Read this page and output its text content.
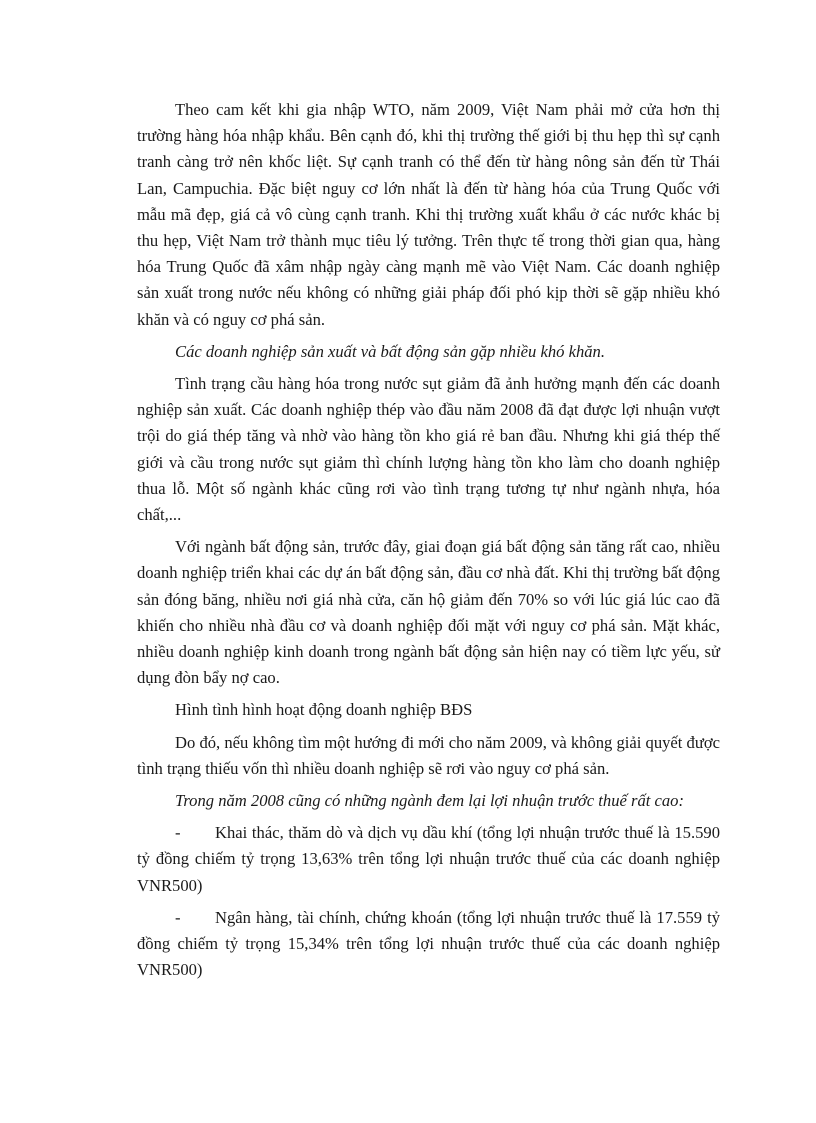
Theo cam kết khi gia nhập WTO, năm 2009, Việt Nam phải mở cửa hơn thị trường hàng hóa nhập khẩu. Bên cạnh đó, khi thị trường thế giới bị thu hẹp thì sự cạnh tranh càng trở nên khốc liệt. Sự cạnh tranh có thể đến từ hàng nông sản đến từ Thái Lan, Campuchia. Đặc biệt nguy cơ lớn nhất là đến từ hàng hóa của Trung Quốc với mẫu mã đẹp, giá cả vô cùng cạnh tranh. Khi thị trường xuất khẩu ở các nước khác bị thu hẹp, Việt Nam trở thành mục tiêu lý tưởng. Trên thực tế trong thời gian qua, hàng hóa Trung Quốc đã xâm nhập ngày càng mạnh mẽ vào Việt Nam. Các doanh nghiệp sản xuất trong nước nếu không có những giải pháp đối phó kịp thời sẽ gặp nhiều khó khăn và có nguy cơ phá sản.

Các doanh nghiệp sản xuất và bất động sản gặp nhiều khó khăn.

Tình trạng cầu hàng hóa trong nước sụt giảm đã ảnh hưởng mạnh đến các doanh nghiệp sản xuất. Các doanh nghiệp thép vào đầu năm 2008 đã đạt được lợi nhuận vượt trội do giá thép tăng và nhờ vào hàng tồn kho giá rẻ ban đầu. Nhưng khi giá thép thế giới và cầu trong nước sụt giảm thì chính lượng hàng tồn kho làm cho doanh nghiệp thua lỗ. Một số ngành khác cũng rơi vào tình trạng tương tự như ngành nhựa, hóa chất,...

Với ngành bất động sản, trước đây, giai đoạn giá bất động sản tăng rất cao, nhiều doanh nghiệp triển khai các dự án bất động sản, đầu cơ nhà đất. Khi thị trường bất động sản đóng băng, nhiều nơi giá nhà cửa, căn hộ giảm đến 70% so với lúc giá lúc cao đã khiến cho nhiều nhà đầu cơ và doanh nghiệp đối mặt với nguy cơ phá sản. Mặt khác, nhiều doanh nghiệp kinh doanh trong ngành bất động sản hiện nay có tiềm lực yếu, sử dụng đòn bẩy nợ cao.

Hình tình hình hoạt động doanh nghiệp BĐS

Do đó, nếu không tìm một hướng đi mới cho năm 2009, và không giải quyết được tình trạng thiếu vốn thì nhiều doanh nghiệp sẽ rơi vào nguy cơ phá sản.

Trong năm 2008 cũng có những ngành đem lại lợi nhuận trước thuế rất cao:

- Khai thác, thăm dò và dịch vụ dầu khí (tổng lợi nhuận trước thuế là 15.590 tỷ đồng chiếm tỷ trọng 13,63% trên tổng lợi nhuận trước thuế của các doanh nghiệp VNR500)

- Ngân hàng, tài chính, chứng khoán (tổng lợi nhuận trước thuế là 17.559 tỷ đồng chiếm tỷ trọng 15,34% trên tổng lợi nhuận trước thuế của các doanh nghiệp VNR500)
